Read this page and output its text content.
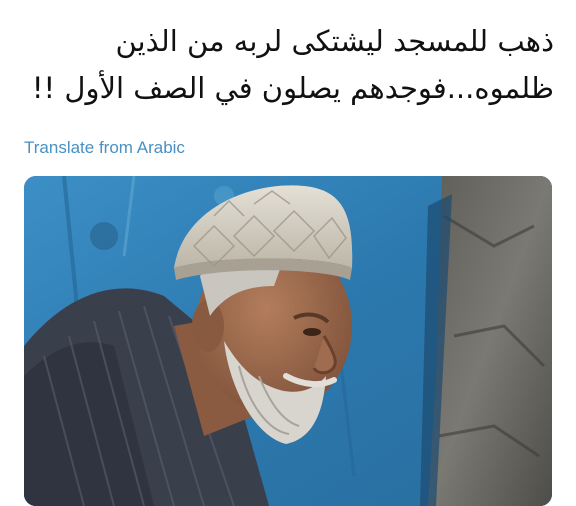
ذهب للمسجد ليشتكى لربه من الذين
ظلموه...فوجدهم يصلون في الصف الأول !!
Translate from Arabic
